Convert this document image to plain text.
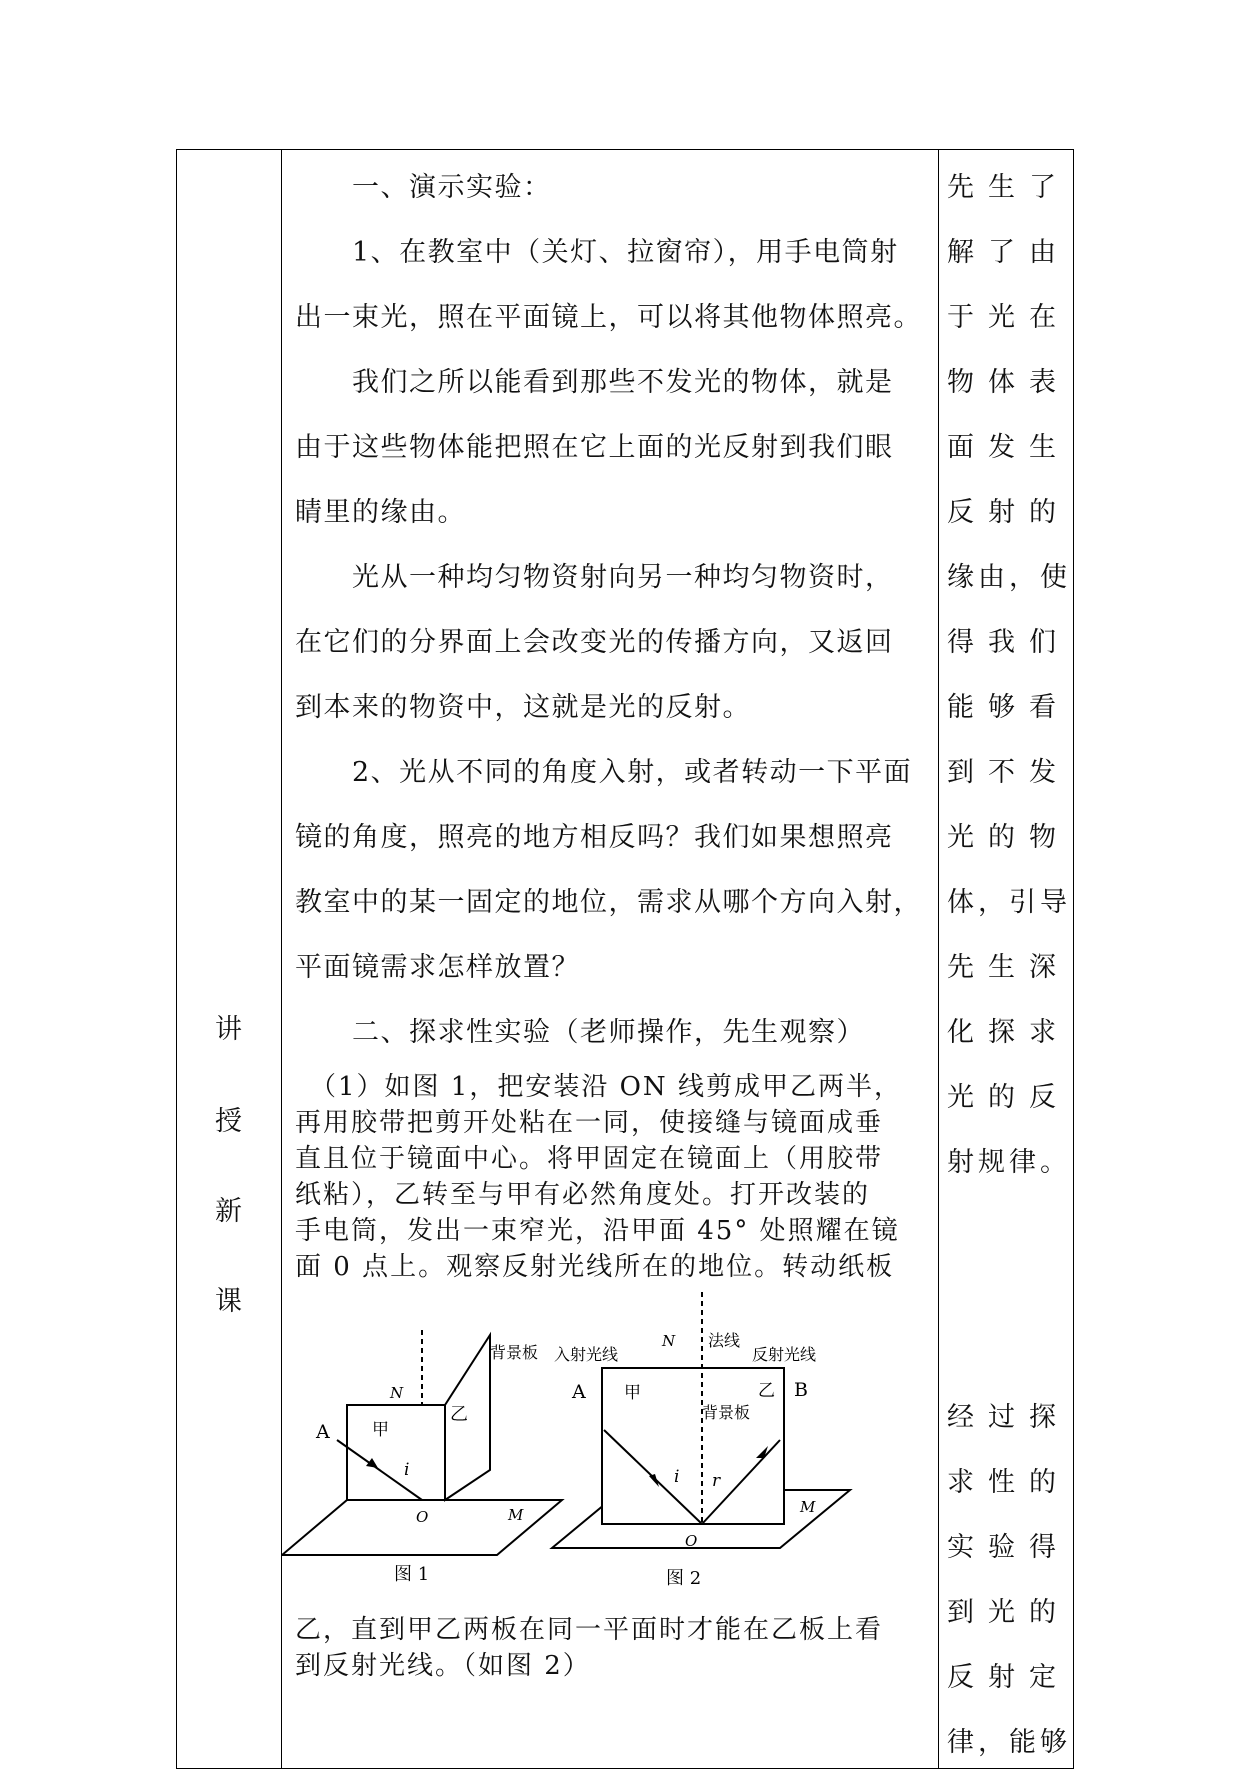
讲
授
新
课
　　一、演示实验：
　　1、在教室中（关灯、拉窗帘），用手电筒射
出一束光，照在平面镜上，可以将其他物体照亮。
　　我们之所以能看到那些不发光的物体，就是
由于这些物体能把照在它上面的光反射到我们眼
睛里的缘由。
　　光从一种均匀物资射向另一种均匀物资时，
在它们的分界面上会改变光的传播方向，又返回
到本来的物资中，这就是光的反射。
　　2、光从不同的角度入射，或者转动一下平面
镜的角度，照亮的地方相反吗？我们如果想照亮
教室中的某一固定的地位，需求从哪个方向入射，
平面镜需求怎样放置？
　　二、探求性实验（老师操作，先生观察）
　（1）如图 1，把安装沿 ON 线剪成甲乙两半，
再用胶带把剪开处粘在一同，使接缝与镜面成垂
直且位于镜面中心。将甲固定在镜面上（用胶带
纸粘），乙转至与甲有必然角度处。打开改装的
手电筒，发出一束窄光，沿甲面 45° 处照耀在镜
面 0 点上。观察反射光线所在的地位。转动纸板
乙，直到甲乙两板在同一平面时才能在乙板上看
到反射光线。（如图 2）
A
N
甲
乙
i
M
O
背景板
图 1
入射光线
N 法线
反射光线
A 甲	乙 B
背景板
i r
M
O
图 2
先生了
解了由
于光在
物体表
面发生
反射的
缘由，使
得我们
能够看
到不发
光的物
体，引导
先生深
化探求
光的反
射规律。
经过探
求性的
实验得
到光的
反射定
律，能够
